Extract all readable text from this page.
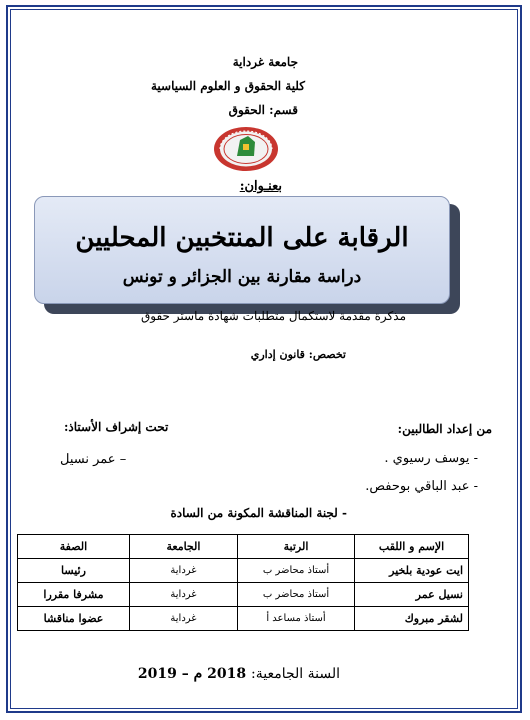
جامعة غرداية
كلية الحقوق و العلوم السياسية
قسم: الحقوق
بعنـوان:
الرقابة على المنتخبين المحليين
دراسة مقارنة بين الجزائر و تونس
مذكرة مقدمة لاستكمال متطلبات شهادة ماستر حقوق
تخصص: قانون إداري
من إعداد الطالبين:
تحت إشراف الأستاذ:
- يوسف رسيوي .
- عبد الباقي بوحفص.
– عمر نسيل
- لجنة المناقشة المكونة من السادة
الإسم و اللقب	الرتبة	الجامعة	الصفة
ايت عودية بلخير	أستاذ محاضر ب	غرداية	رئيسا
نسيل عمر	أستاذ محاضر ب	غرداية	مشرفا مقررا
لشقر مبروك	أستاذ مساعد أ	غرداية	عضوا مناقشا
السنة الجامعية: 2018 م – 2019
